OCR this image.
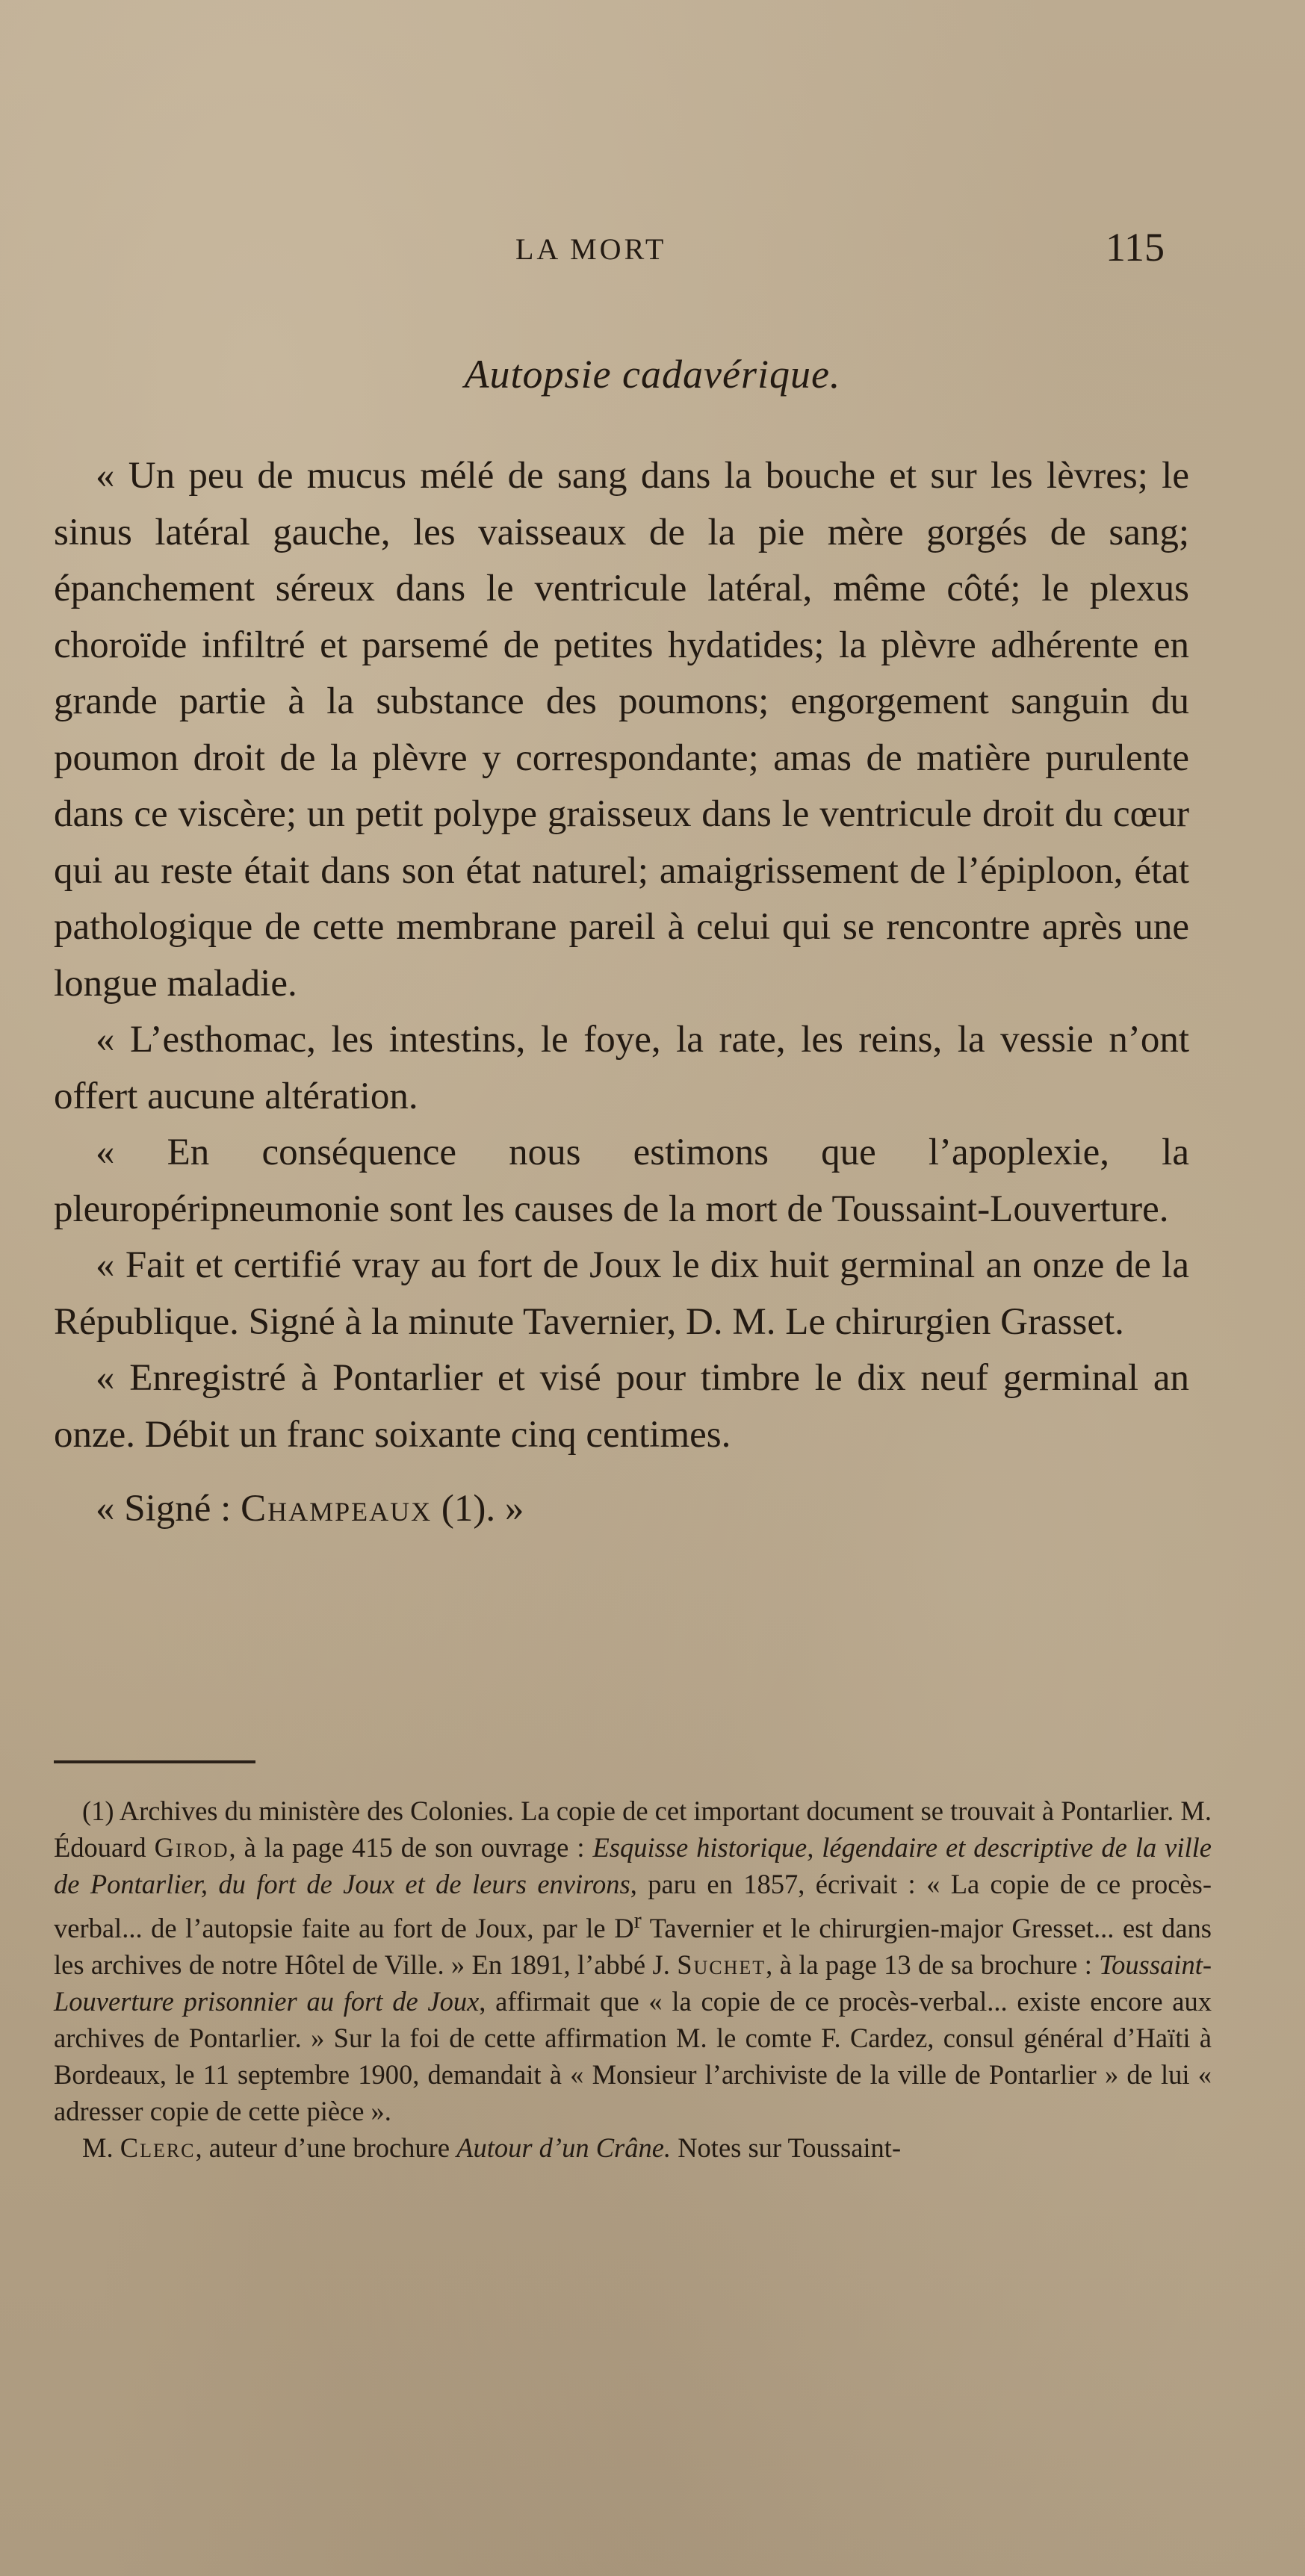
LA MORT	115
Autopsie cadavérique.

« Un peu de mucus mélé de sang dans la bouche et sur les lèvres; le sinus latéral gauche, les vaisseaux de la pie mère gorgés de sang; épanchement séreux dans le ventricule latéral, même côté; le plexus choroïde infiltré et parsemé de petites hydatides; la plèvre adhérente en grande partie à la substance des poumons; engorgement sanguin du poumon droit de la plèvre y correspondante; amas de matière purulente dans ce viscère; un petit polype graisseux dans le ventricule droit du cœur qui au reste était dans son état naturel; amaigrissement de l’épiploon, état pathologique de cette membrane pareil à celui qui se rencontre après une longue maladie.

« L’esthomac, les intestins, le foye, la rate, les reins, la vessie n’ont offert aucune altération.

« En conséquence nous estimons que l’apoplexie, la pleuropéripneumonie sont les causes de la mort de Toussaint-Louverture.

« Fait et certifié vray au fort de Joux le dix huit germinal an onze de la République. Signé à la minute Tavernier, D. M. Le chirurgien Grasset.

« Enregistré à Pontarlier et visé pour timbre le dix neuf germinal an onze. Débit un franc soixante cinq centimes.

« Signé : Champeaux (1). »

(1) Archives du ministère des Colonies. La copie de cet important document se trouvait à Pontarlier. M. Édouard Girod, à la page 415 de son ouvrage : Esquisse historique, légendaire et descriptive de la ville de Pontarlier, du fort de Joux et de leurs environs, paru en 1857, écrivait : « La copie de ce procès-verbal... de l’autopsie faite au fort de Joux, par le $D^r$ Tavernier et le chirurgien-major Gresset... est dans les archives de notre Hôtel de Ville. » En 1891, l’abbé J. Suchet, à la page 13 de sa brochure : Toussaint-Louverture prisonnier au fort de Joux, affirmait que « la copie de ce procès-verbal... existe encore aux archives de Pontarlier. » Sur la foi de cette affirmation M. le comte F. Cardez, consul général d’Haïti à Bordeaux, le 11 septembre 1900, demandait à « Monsieur l’archiviste de la ville de Pontarlier » de lui « adresser copie de cette pièce ».

M. Clerc, auteur d’une brochure Autour d’un Crâne. Notes sur Toussaint-
